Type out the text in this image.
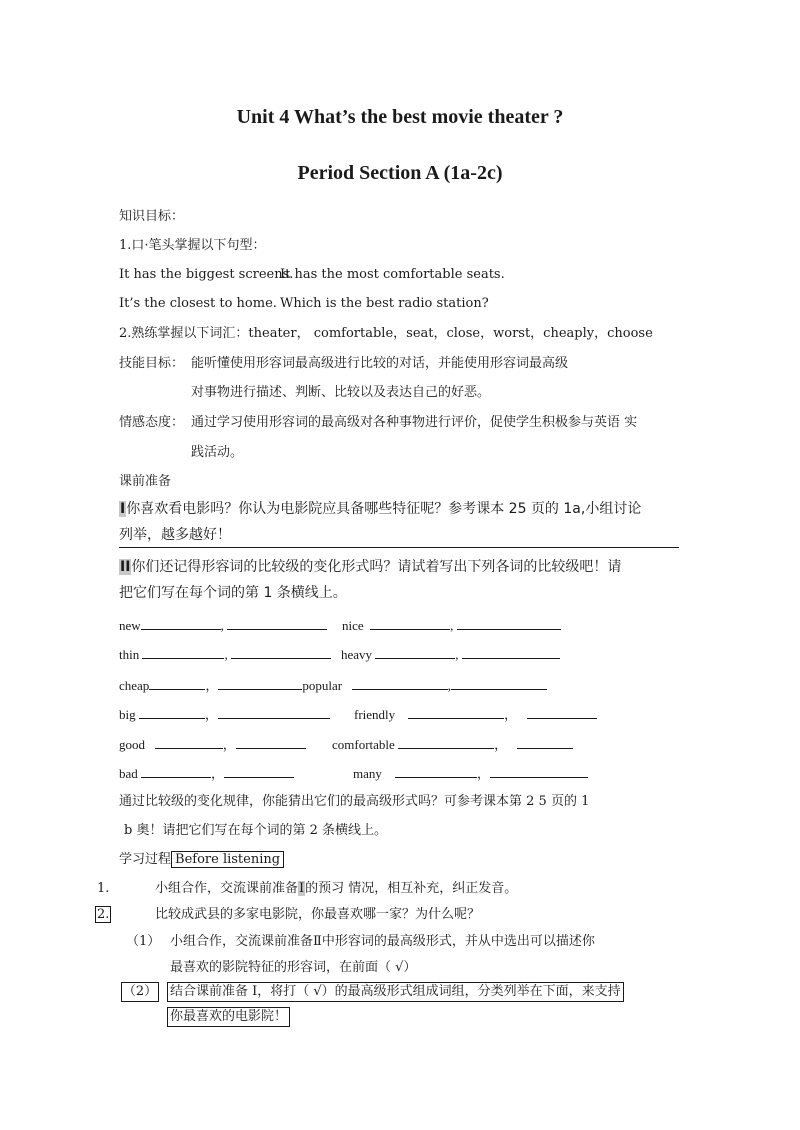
Unit 4 What’s the best movie theater ?
Period Section A (1a-2c)
知识目标：
1.口·笔头掌握以下句型：
It has the biggest screens.
It has the most comfortable seats.
It’s the closest to home. Which is the best radio station?
2.熟练掌握以下词汇：theater， comfortable，seat，close，worst，cheaply，choose
技能目标： 能听懂使用形容词最高级进行比较的对话，并能使用形容词最高级
对事物进行描述、判断、比较以及表达自己的好恶。
情感态度： 通过学习使用形容词的最高级对各种事物进行评价，促使学生积极参与英语 实
践活动。
课前准备
I你喜欢看电影吗？你认为电影院应具备哪些特征呢？参考课本 25 页的 1a,小组讨论
列举，越多越好！
II你们还记得形容词的比较级的变化形式吗？请试着写出下列各词的比较级吧！请
把它们写在每个词的第 1 条横线上。
new	,	nice	,
thin	,	heavy	,
cheap	，	popular	,
big	，	friendly	，
good	，	comfortable	，
bad	，	many	，
通过比较级的变化规律，你能猜出它们的最高级形式吗？可参考课本第 2 5 页的 1
b 奥！请把它们写在每个词的第 2 条横线上。
学习过程 Before listening
1.	小组合作，交流课前准备I的预习 情况，相互补充，纠正发音。
2.	比较成武县的多家电影院，你最喜欢哪一家？为什么呢？
（1） 小组合作，交流课前准备Ⅱ中形容词的最高级形式，并从中选出可以描述你
最喜欢的影院特征的形容词，在前面（ √）
（2） 结合课前准备 I，将打（ √）的最高级形式组成词组，分类列举在下面，来支持
你最喜欢的电影院！
